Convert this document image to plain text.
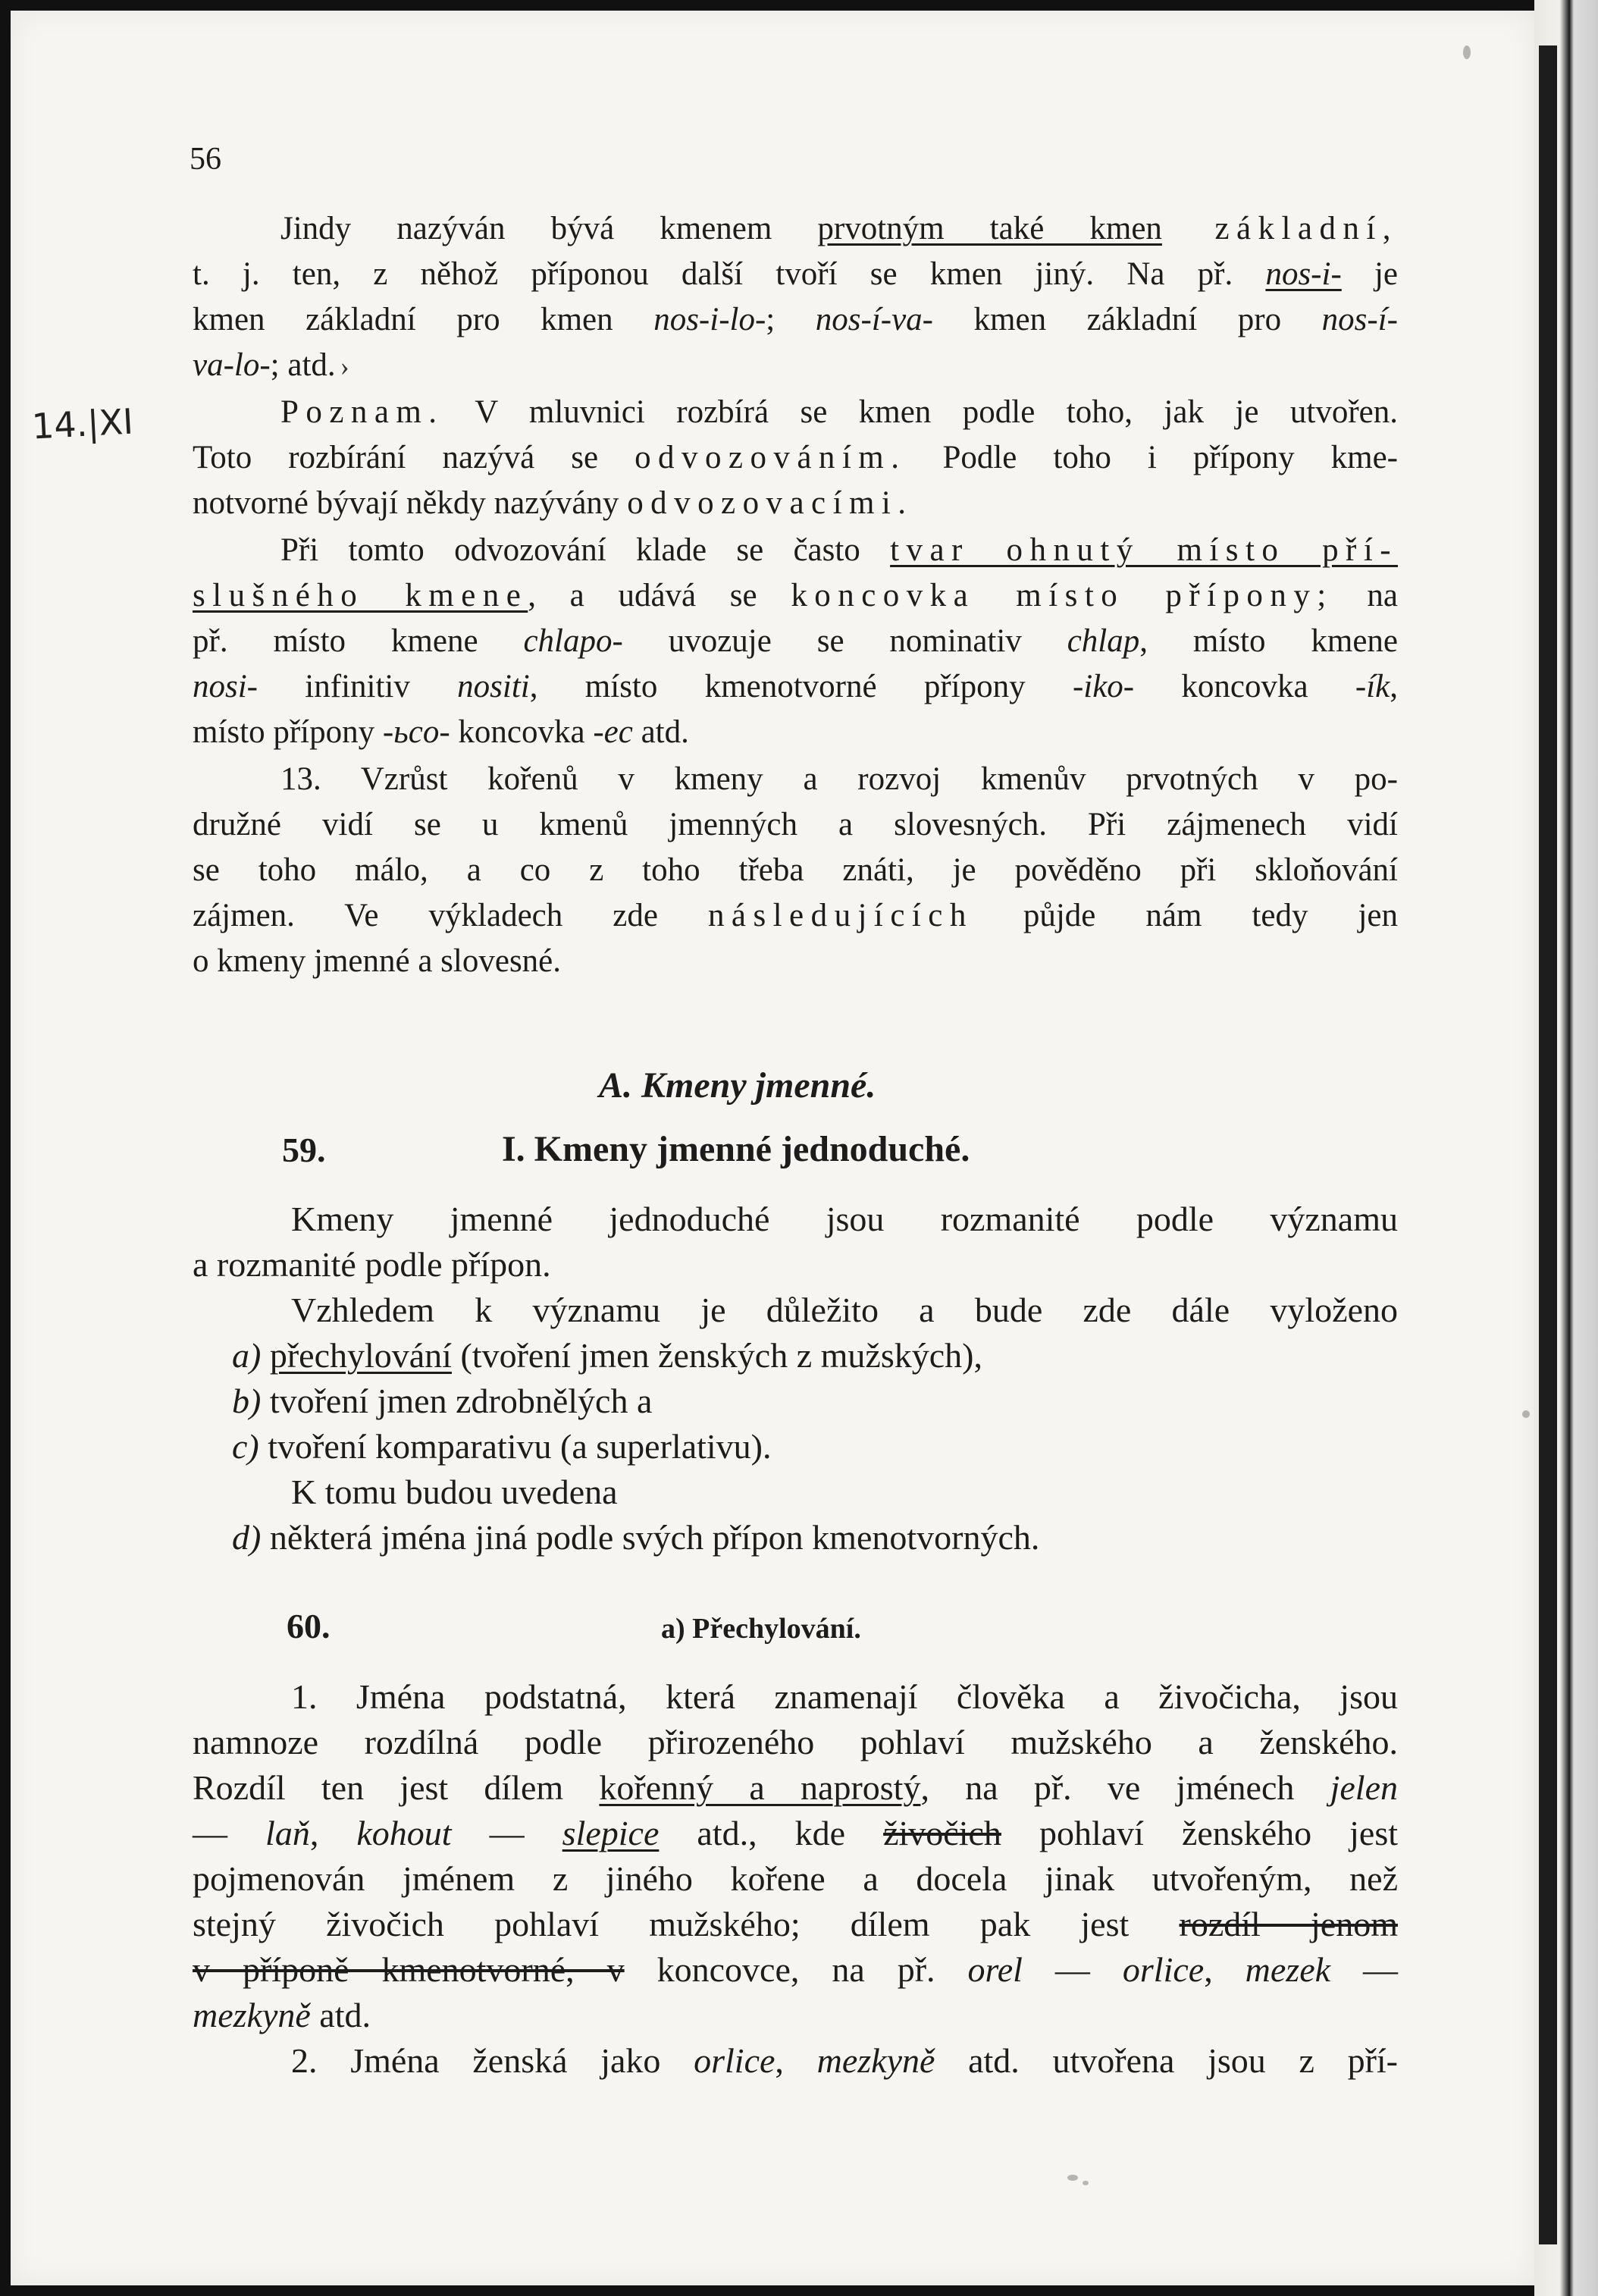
56
14.|XI
Jindy nazýván bývá kmenem prvotným také kmen základní,
t. j. ten, z něhož příponou další tvoří se kmen jiný. Na př. nos-i- je
kmen základní pro kmen nos-i-lo-; nos-í-va- kmen základní pro nos-í-
va-lo-; atd. ›
Poznam. V mluvnici rozbírá se kmen podle toho, jak je utvořen.
Toto rozbírání nazývá se odvozováním. Podle toho i přípony kme-
notvorné bývají někdy nazývány odvozovacími.
Při tomto odvozování klade se často tvar ohnutý místo pří-
slušného kmene, a udává se koncovka místo přípony; na
př. místo kmene chlapo- uvozuje se nominativ chlap, místo kmene
nosi- infinitiv nositi, místo kmenotvorné přípony -iko- koncovka -ík,
místo přípony -ьco- koncovka -ec atd.
13. Vzrůst kořenů v kmeny a rozvoj kmenův prvotných v po-
družné vidí se u kmenů jmenných a slovesných. Při zájmenech vidí
se toho málo, a co z toho třeba znáti, je pověděno při skloňování
zájmen. Ve výkladech zde následujících půjde nám tedy jen
o kmeny jmenné a slovesné.
A. Kmeny jmenné.
59.	I. Kmeny jmenné jednoduché.
Kmeny jmenné jednoduché jsou rozmanité podle významu
a rozmanité podle přípon.
Vzhledem k významu je důležito a bude zde dále vyloženo
a) přechylování (tvoření jmen ženských z mužských),
b) tvoření jmen zdrobnělých a
c) tvoření komparativu (a superlativu).
K tomu budou uvedena
d) některá jména jiná podle svých přípon kmenotvorných.
60.	a) Přechylování.
1. Jména podstatná, která znamenají člověka a živočicha, jsou
namnoze rozdílná podle přirozeného pohlaví mužského a ženského.
Rozdíl ten jest dílem kořenný a naprostý, na př. ve jménech jelen
— laň, kohout — slepice atd., kde živočich pohlaví ženského jest
pojmenován jménem z jiného kořene a docela jinak utvořeným, než
stejný živočich pohlaví mužského; dílem pak jest rozdíl jenom
v příponě kmenotvorné, v koncovce, na př. orel — orlice, mezek —
mezkyně atd.
2. Jména ženská jako orlice, mezkyně atd. utvořena jsou z pří-
